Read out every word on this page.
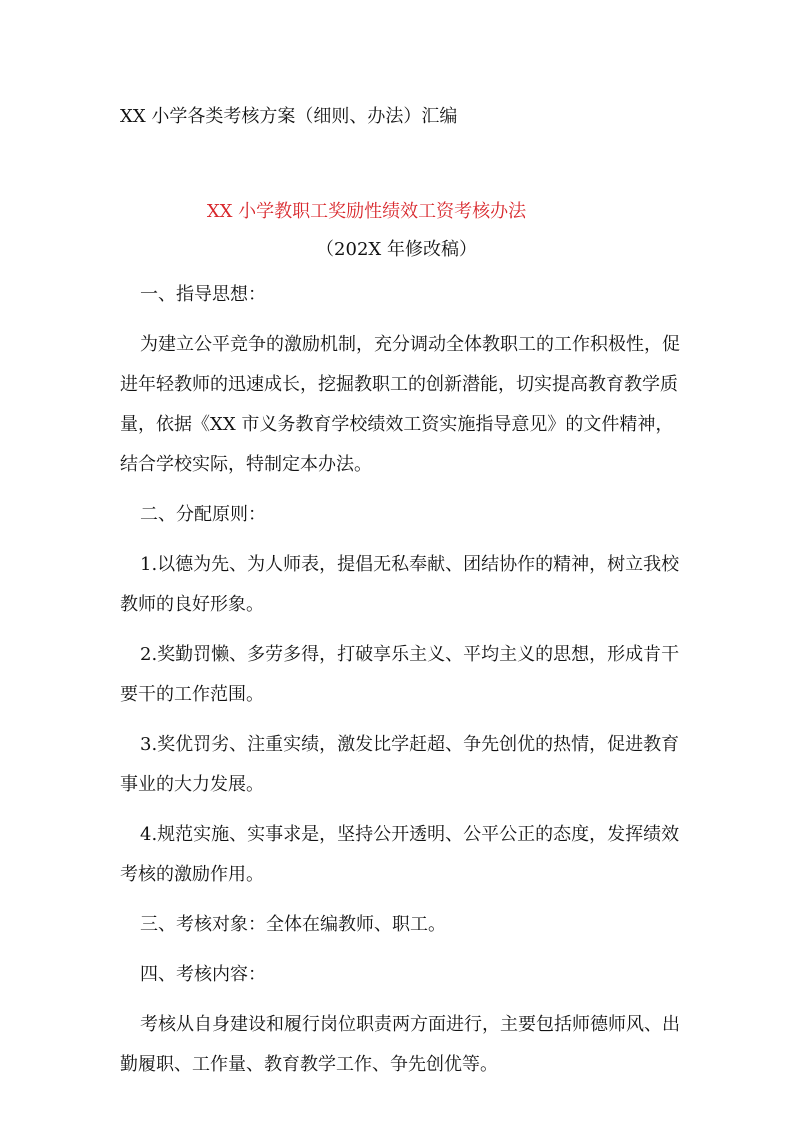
XX 小学各类考核方案（细则、办法）汇编
XX 小学教职工奖励性绩效工资考核办法
（202X 年修改稿）

一、指导思想：

为建立公平竞争的激励机制，充分调动全体教职工的工作积极性，促进年轻教师的迅速成长，挖掘教职工的创新潜能，切实提高教育教学质量，依据《XX 市义务教育学校绩效工资实施指导意见》的文件精神，结合学校实际，特制定本办法。

二、分配原则：

1.以德为先、为人师表，提倡无私奉献、团结协作的精神，树立我校教师的良好形象。

2.奖勤罚懒、多劳多得，打破享乐主义、平均主义的思想，形成肯干要干的工作范围。

3.奖优罚劣、注重实绩，激发比学赶超、争先创优的热情，促进教育事业的大力发展。

4.规范实施、实事求是，坚持公开透明、公平公正的态度，发挥绩效考核的激励作用。

三、考核对象：全体在编教师、职工。

四、考核内容：

考核从自身建设和履行岗位职责两方面进行，主要包括师德师风、出勤履职、工作量、教育教学工作、争先创优等。
